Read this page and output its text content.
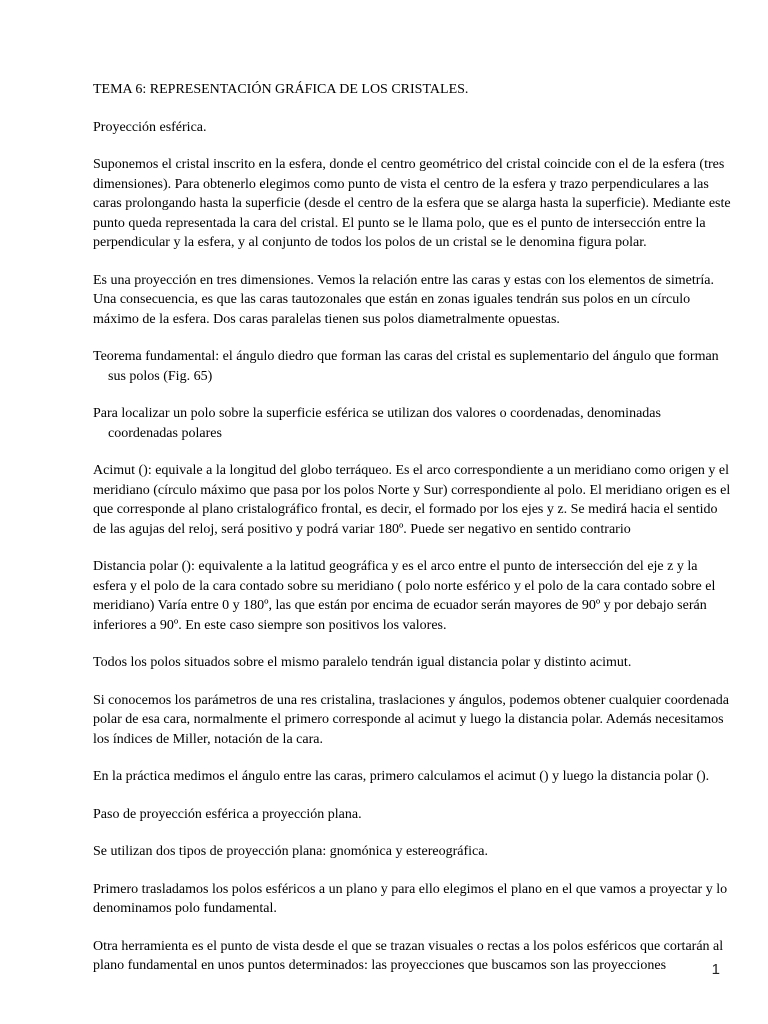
TEMA 6: REPRESENTACIÓN GRÁFICA DE LOS CRISTALES.

Proyección esférica.

Suponemos el cristal inscrito en la esfera, donde el centro geométrico del cristal coincide con el de la esfera (tres dimensiones). Para obtenerlo elegimos como punto de vista el centro de la esfera y trazo perpendiculares a las caras prolongando hasta la superficie (desde el centro de la esfera que se alarga hasta la superficie). Mediante este punto queda representada la cara del cristal. El punto se le llama polo, que es el punto de intersección entre la perpendicular y la esfera, y al conjunto de todos los polos de un cristal se le denomina figura polar.

Es una proyección en tres dimensiones. Vemos la relación entre las caras y estas con los elementos de simetría. Una consecuencia, es que las caras tautozonales que están en zonas iguales tendrán sus polos en un círculo máximo de la esfera. Dos caras paralelas tienen sus polos diametralmente opuestas.

Teorema fundamental: el ángulo diedro que forman las caras del cristal es suplementario del ángulo que forman sus polos (Fig. 65)

Para localizar un polo sobre la superficie esférica se utilizan dos valores o coordenadas, denominadas coordenadas polares

Acimut (): equivale a la longitud del globo terráqueo. Es el arco correspondiente a un meridiano como origen y el meridiano (círculo máximo que pasa por los polos Norte y Sur) correspondiente al polo. El meridiano origen es el que corresponde al plano cristalográfico frontal, es decir, el formado por los ejes y z. Se medirá hacia el sentido de las agujas del reloj, será positivo y podrá variar 180º. Puede ser negativo en sentido contrario

Distancia polar (): equivalente a la latitud geográfica y es el arco entre el punto de intersección del eje z y la esfera y el polo de la cara contado sobre su meridiano ( polo norte esférico y el polo de la cara contado sobre el meridiano) Varía entre 0 y 180º, las que están por encima de ecuador serán mayores de 90º y por debajo serán inferiores a 90º. En este caso siempre son positivos los valores.

Todos los polos situados sobre el mismo paralelo tendrán igual distancia polar y distinto acimut.

Si conocemos los parámetros de una res cristalina, traslaciones y ángulos, podemos obtener cualquier coordenada polar de esa cara, normalmente el primero corresponde al acimut y luego la distancia polar. Además necesitamos los índices de Miller, notación de la cara.

En la práctica medimos el ángulo entre las caras, primero calculamos el acimut () y luego la distancia polar ().

Paso de proyección esférica a proyección plana.

Se utilizan dos tipos de proyección plana: gnomónica y estereográfica.

Primero trasladamos los polos esféricos a un plano y para ello elegimos el plano en el que vamos a proyectar y lo denominamos polo fundamental.

Otra herramienta es el punto de vista desde el que se trazan visuales o rectas a los polos esféricos que cortarán al plano fundamental en unos puntos determinados: las proyecciones que buscamos son las proyecciones	1
